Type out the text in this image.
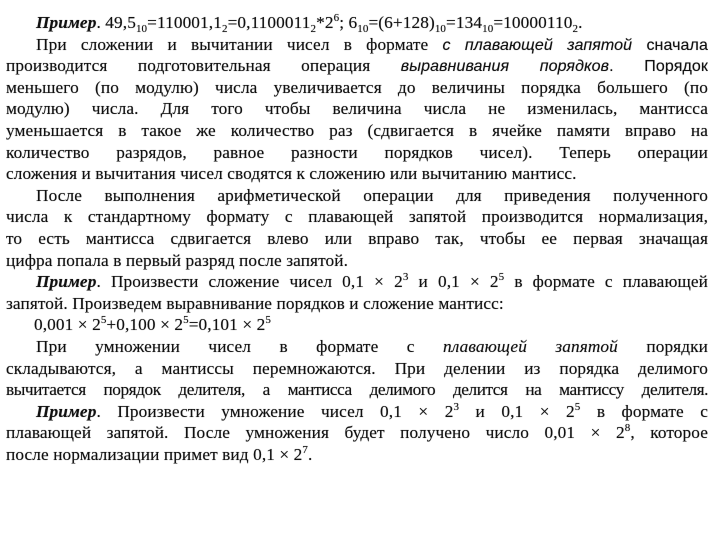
Пример. $49,5_{10}=110001,1_2=0,1100011_2*2^6$; $6_{10}=(6+128)_{10}=134_{10}=10000110_2$.
При сложении и вычитании чисел в формате с плавающей запятой сначала
производится подготовительная операция выравнивания порядков. Порядок
меньшего (по модулю) числа увеличивается до величины порядка большего (по
модулю) числа. Для того чтобы величина числа не изменилась, мантисса
уменьшается в такое же количество раз (сдвигается в ячейке памяти вправо на
количество разрядов, равное разности порядков чисел). Теперь операции
сложения и вычитания чисел сводятся к сложению или вычитанию мантисс.
После выполнения арифметической операции для приведения полученного
числа к стандартному формату с плавающей запятой производится нормализация,
то есть мантисса сдвигается влево или вправо так, чтобы ее первая значащая
цифра попала в первый разряд после запятой.
Пример. Произвести сложение чисел $0,1 \times 2^3$ и $0,1 \times 2^5$ в формате с плавающей
запятой. Произведем выравнивание порядков и сложение мантисс:
$0,001 \times 2^5+0,100 \times 2^5=0,101 \times 2^5$
При умножении чисел в формате с плавающей запятой порядки
складываются, а мантиссы перемножаются. При делении из порядка делимого
вычитается порядок делителя, а мантисса делимого делится на мантиссу делителя.
Пример. Произвести умножение чисел $0,1 \times 2^3$ и $0,1 \times 2^5$ в формате с
плавающей запятой. После умножения будет получено число $0,01 \times 2^8$, которое
после нормализации примет вид $0,1 \times 2^7$.
